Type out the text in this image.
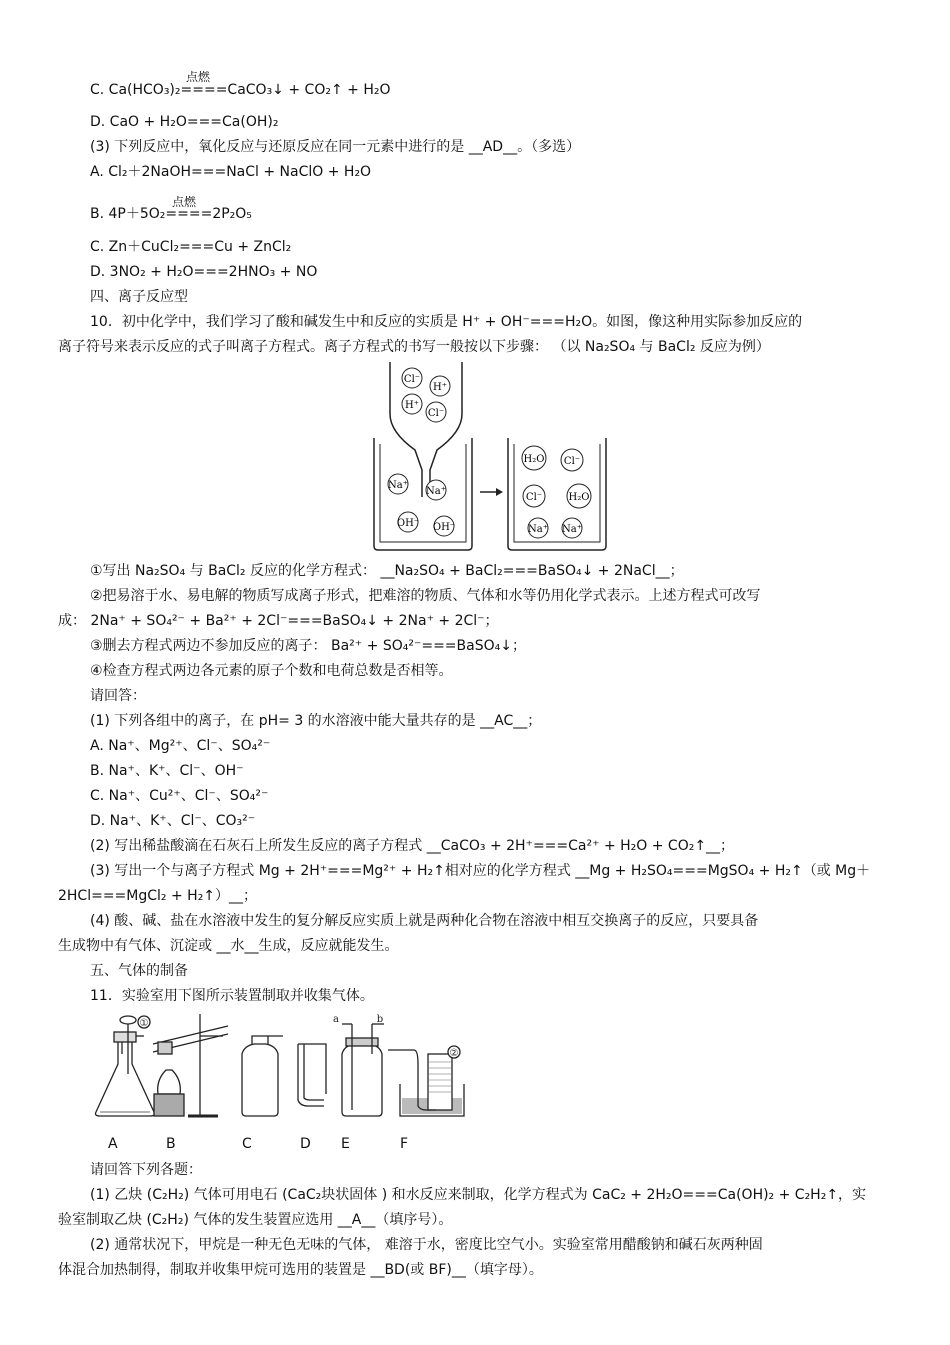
点燃
C. Ca(HCO₃)₂====CaCO₃↓ + CO₂↑ + H₂O
D. CaO + H₂O===Ca(OH)₂
(3) 下列反应中，氧化反应与还原反应在同一元素中进行的是 __AD__。（多选）
A. Cl₂＋2NaOH===NaCl + NaClO + H₂O
点燃
B. 4P＋5O₂====2P₂O₅
C. Zn＋CuCl₂===Cu + ZnCl₂
D. 3NO₂ + H₂O===2HNO₃ + NO
四、离子反应型
10．初中化学中，我们学习了酸和碱发生中和反应的实质是 H⁺ + OH⁻===H₂O。如图，像这种用实际参加反应的
离子符号来表示反应的式子叫离子方程式。离子方程式的书写一般按以下步骤： （以 Na₂SO₄ 与 BaCl₂ 反应为例）
Cl⁻
H⁺
H⁺
Cl⁻
Na⁺
Na⁺
OH⁻ OH⁻
H₂O Cl⁻
Cl⁻	H₂O
Na⁺ Na⁺
①写出 Na₂SO₄ 与 BaCl₂ 反应的化学方程式： __Na₂SO₄ + BaCl₂===BaSO₄↓ + 2NaCl__；
②把易溶于水、易电解的物质写成离子形式，把难溶的物质、气体和水等仍用化学式表示。上述方程式可改写
成： 2Na⁺ + SO₄²⁻ + Ba²⁺ + 2Cl⁻===BaSO₄↓ + 2Na⁺ + 2Cl⁻；
③删去方程式两边不参加反应的离子： Ba²⁺ + SO₄²⁻===BaSO₄↓；
④检查方程式两边各元素的原子个数和电荷总数是否相等。
请回答：
(1) 下列各组中的离子，在 pH= 3 的水溶液中能大量共存的是 __AC__；
A. Na⁺、Mg²⁺、Cl⁻、SO₄²⁻
B. Na⁺、K⁺、Cl⁻、OH⁻
C. Na⁺、Cu²⁺、Cl⁻、SO₄²⁻
D. Na⁺、K⁺、Cl⁻、CO₃²⁻
(2) 写出稀盐酸滴在石灰石上所发生反应的离子方程式 __CaCO₃ + 2H⁺===Ca²⁺ + H₂O + CO₂↑__；
(3) 写出一个与离子方程式 Mg + 2H⁺===Mg²⁺ + H₂↑相对应的化学方程式 __Mg + H₂SO₄===MgSO₄ + H₂↑（或 Mg＋
2HCl===MgCl₂ + H₂↑）__；
(4) 酸、碱、盐在水溶液中发生的复分解反应实质上就是两种化合物在溶液中相互交换离子的反应，只要具备
生成物中有气体、沉淀或 __水__生成，反应就能发生。
五、气体的制备
11．实验室用下图所示装置制取并收集气体。
①
②
a	b
A	B	C	D E	F
请回答下列各题：
(1) 乙炔 (C₂H₂) 气体可用电石 (CaC₂块状固体 ) 和水反应来制取，化学方程式为 CaC₂ + 2H₂O===Ca(OH)₂ + C₂H₂↑，实
验室制取乙炔 (C₂H₂) 气体的发生装置应选用 __A__（填序号）。
(2) 通常状况下，甲烷是一种无色无味的气体， 难溶于水，密度比空气小。实验室常用醋酸钠和碱石灰两种固
体混合加热制得，制取并收集甲烷可选用的装置是 __BD(或 BF)__（填字母）。
